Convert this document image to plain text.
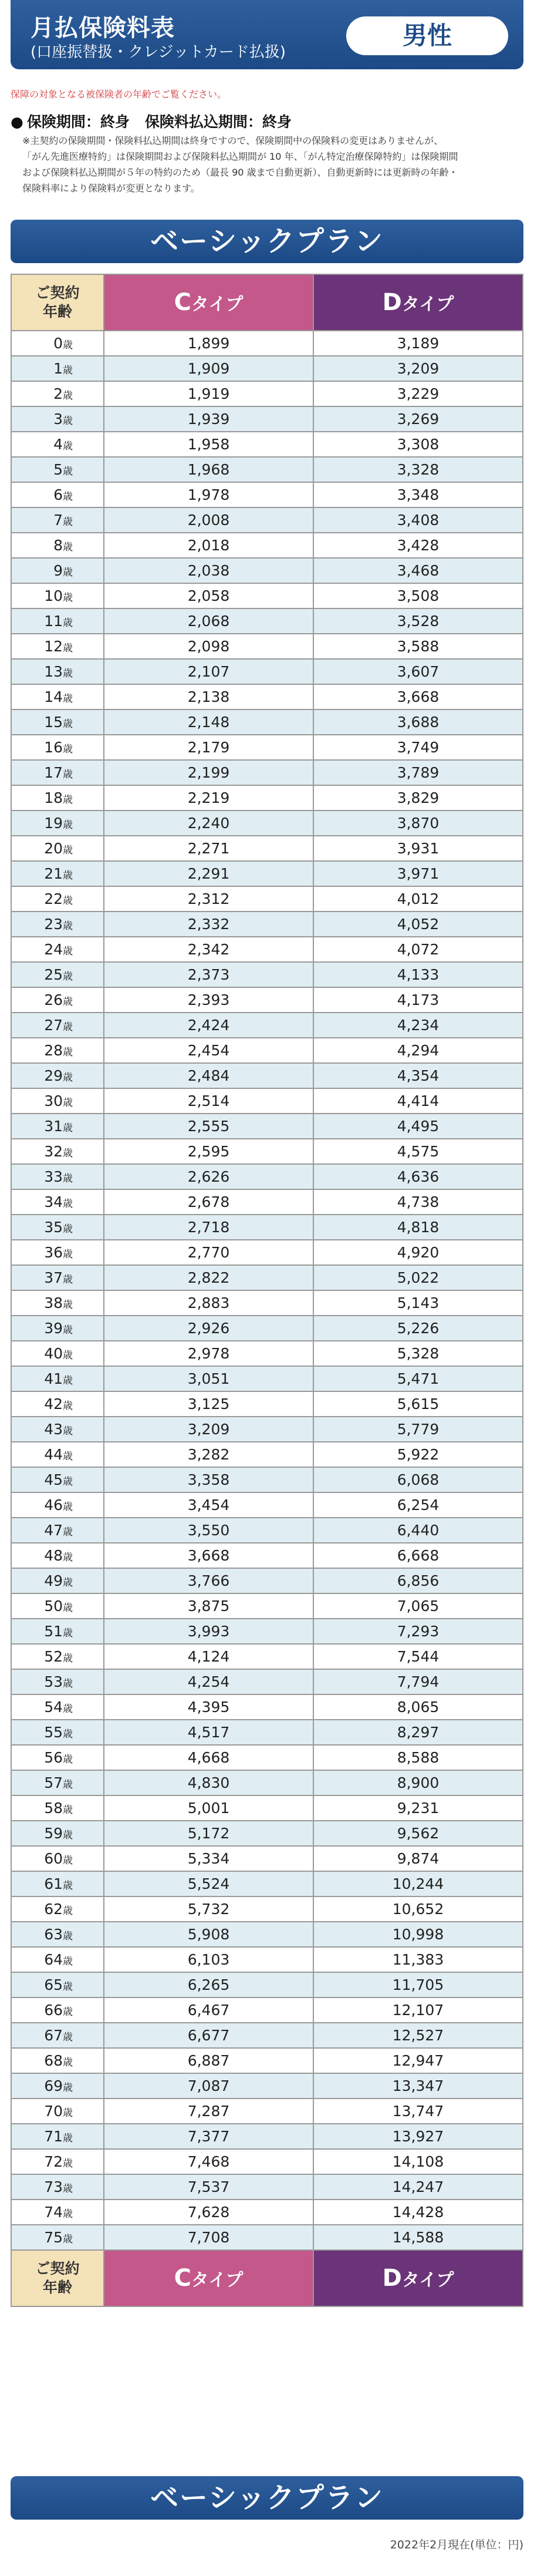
月払保険料表
(口座振替扱・クレジットカード払扱)
男性
保障の対象となる被保険者の年齢でご覧ください。
● 保険期間：終身 保険料払込期間：終身
※主契約の保険期間・保険料払込期間は終身ですので、保険期間中の保険料の変更はありませんが、
「がん先進医療特約」は保険期間および保険料払込期間が 10 年、「がん特定治療保障特約」は保険期間
および保険料払込期間が５年の特約のため（最長 90 歳まで自動更新）、自動更新時には更新時の年齢・
保険料率により保険料が変更となります。
ベーシックプラン
ご契約
年齢	Cタイプ	Dタイプ
0歳	1,899	3,189
1歳	1,909	3,209
2歳	1,919	3,229
3歳	1,939	3,269
4歳	1,958	3,308
5歳	1,968	3,328
6歳	1,978	3,348
7歳	2,008	3,408
8歳	2,018	3,428
9歳	2,038	3,468
10歳	2,058	3,508
11歳	2,068	3,528
12歳	2,098	3,588
13歳	2,107	3,607
14歳	2,138	3,668
15歳	2,148	3,688
16歳	2,179	3,749
17歳	2,199	3,789
18歳	2,219	3,829
19歳	2,240	3,870
20歳	2,271	3,931
21歳	2,291	3,971
22歳	2,312	4,012
23歳	2,332	4,052
24歳	2,342	4,072
25歳	2,373	4,133
26歳	2,393	4,173
27歳	2,424	4,234
28歳	2,454	4,294
29歳	2,484	4,354
30歳	2,514	4,414
31歳	2,555	4,495
32歳	2,595	4,575
33歳	2,626	4,636
34歳	2,678	4,738
35歳	2,718	4,818
36歳	2,770	4,920
37歳	2,822	5,022
38歳	2,883	5,143
39歳	2,926	5,226
40歳	2,978	5,328
41歳	3,051	5,471
42歳	3,125	5,615
43歳	3,209	5,779
44歳	3,282	5,922
45歳	3,358	6,068
46歳	3,454	6,254
47歳	3,550	6,440
48歳	3,668	6,668
49歳	3,766	6,856
50歳	3,875	7,065
51歳	3,993	7,293
52歳	4,124	7,544
53歳	4,254	7,794
54歳	4,395	8,065
55歳	4,517	8,297
56歳	4,668	8,588
57歳	4,830	8,900
58歳	5,001	9,231
59歳	5,172	9,562
60歳	5,334	9,874
61歳	5,524	10,244
62歳	5,732	10,652
63歳	5,908	10,998
64歳	6,103	11,383
65歳	6,265	11,705
66歳	6,467	12,107
67歳	6,677	12,527
68歳	6,887	12,947
69歳	7,087	13,347
70歳	7,287	13,747
71歳	7,377	13,927
72歳	7,468	14,108
73歳	7,537	14,247
74歳	7,628	14,428
75歳	7,708	14,588

ご契約
年齢	Cタイプ	Dタイプ
ベーシックプラン
2022年2月現在(単位：円)
